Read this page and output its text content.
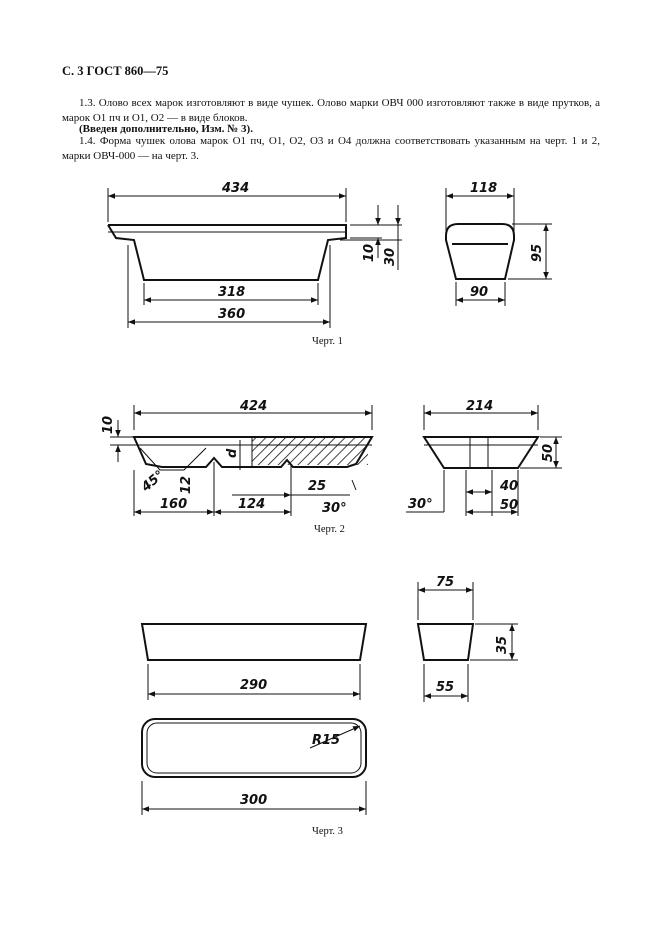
С. 3 ГОСТ 860—75
1.3. Олово всех марок изготовляют в виде чушек. Олово марки ОВЧ 000 изготовляют также в виде прутков, а марок О1 пч и О1, О2 — в виде блоков.
(Введен дополнительно, Изм. № 3).
1.4. Форма чушек олова марок О1 пч, О1, О2, О3 и О4 должна соответствовать указанным на черт. 1 и 2, марки ОВЧ-000 — на черт. 3.
434
318
360
10 30
118
95
90
424
10
45° 12
d
160	124
25
30°
214
50
30°
40
50
290
R15
300
75
35
55
Черт. 1
Черт. 2
Черт. 3
